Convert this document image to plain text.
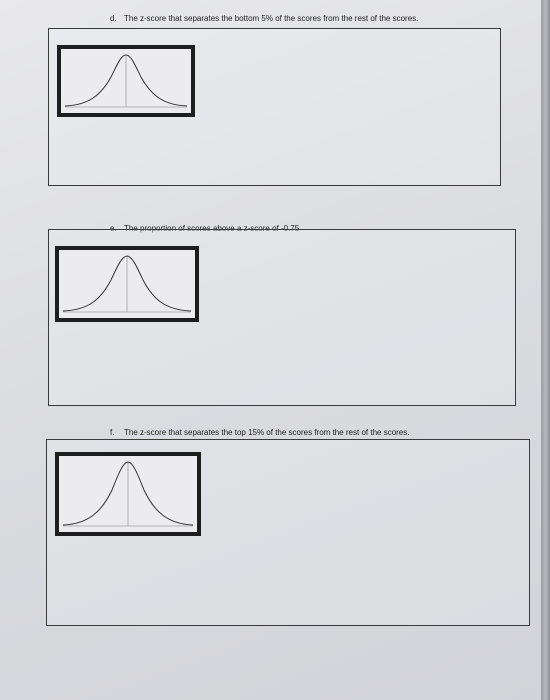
d. The z-score that separates the bottom 5% of the scores from the rest of the scores.
e. The proportion of scores above a z-score of -0.75
f. The z-score that separates the top 15% of the scores from the rest of the scores.
